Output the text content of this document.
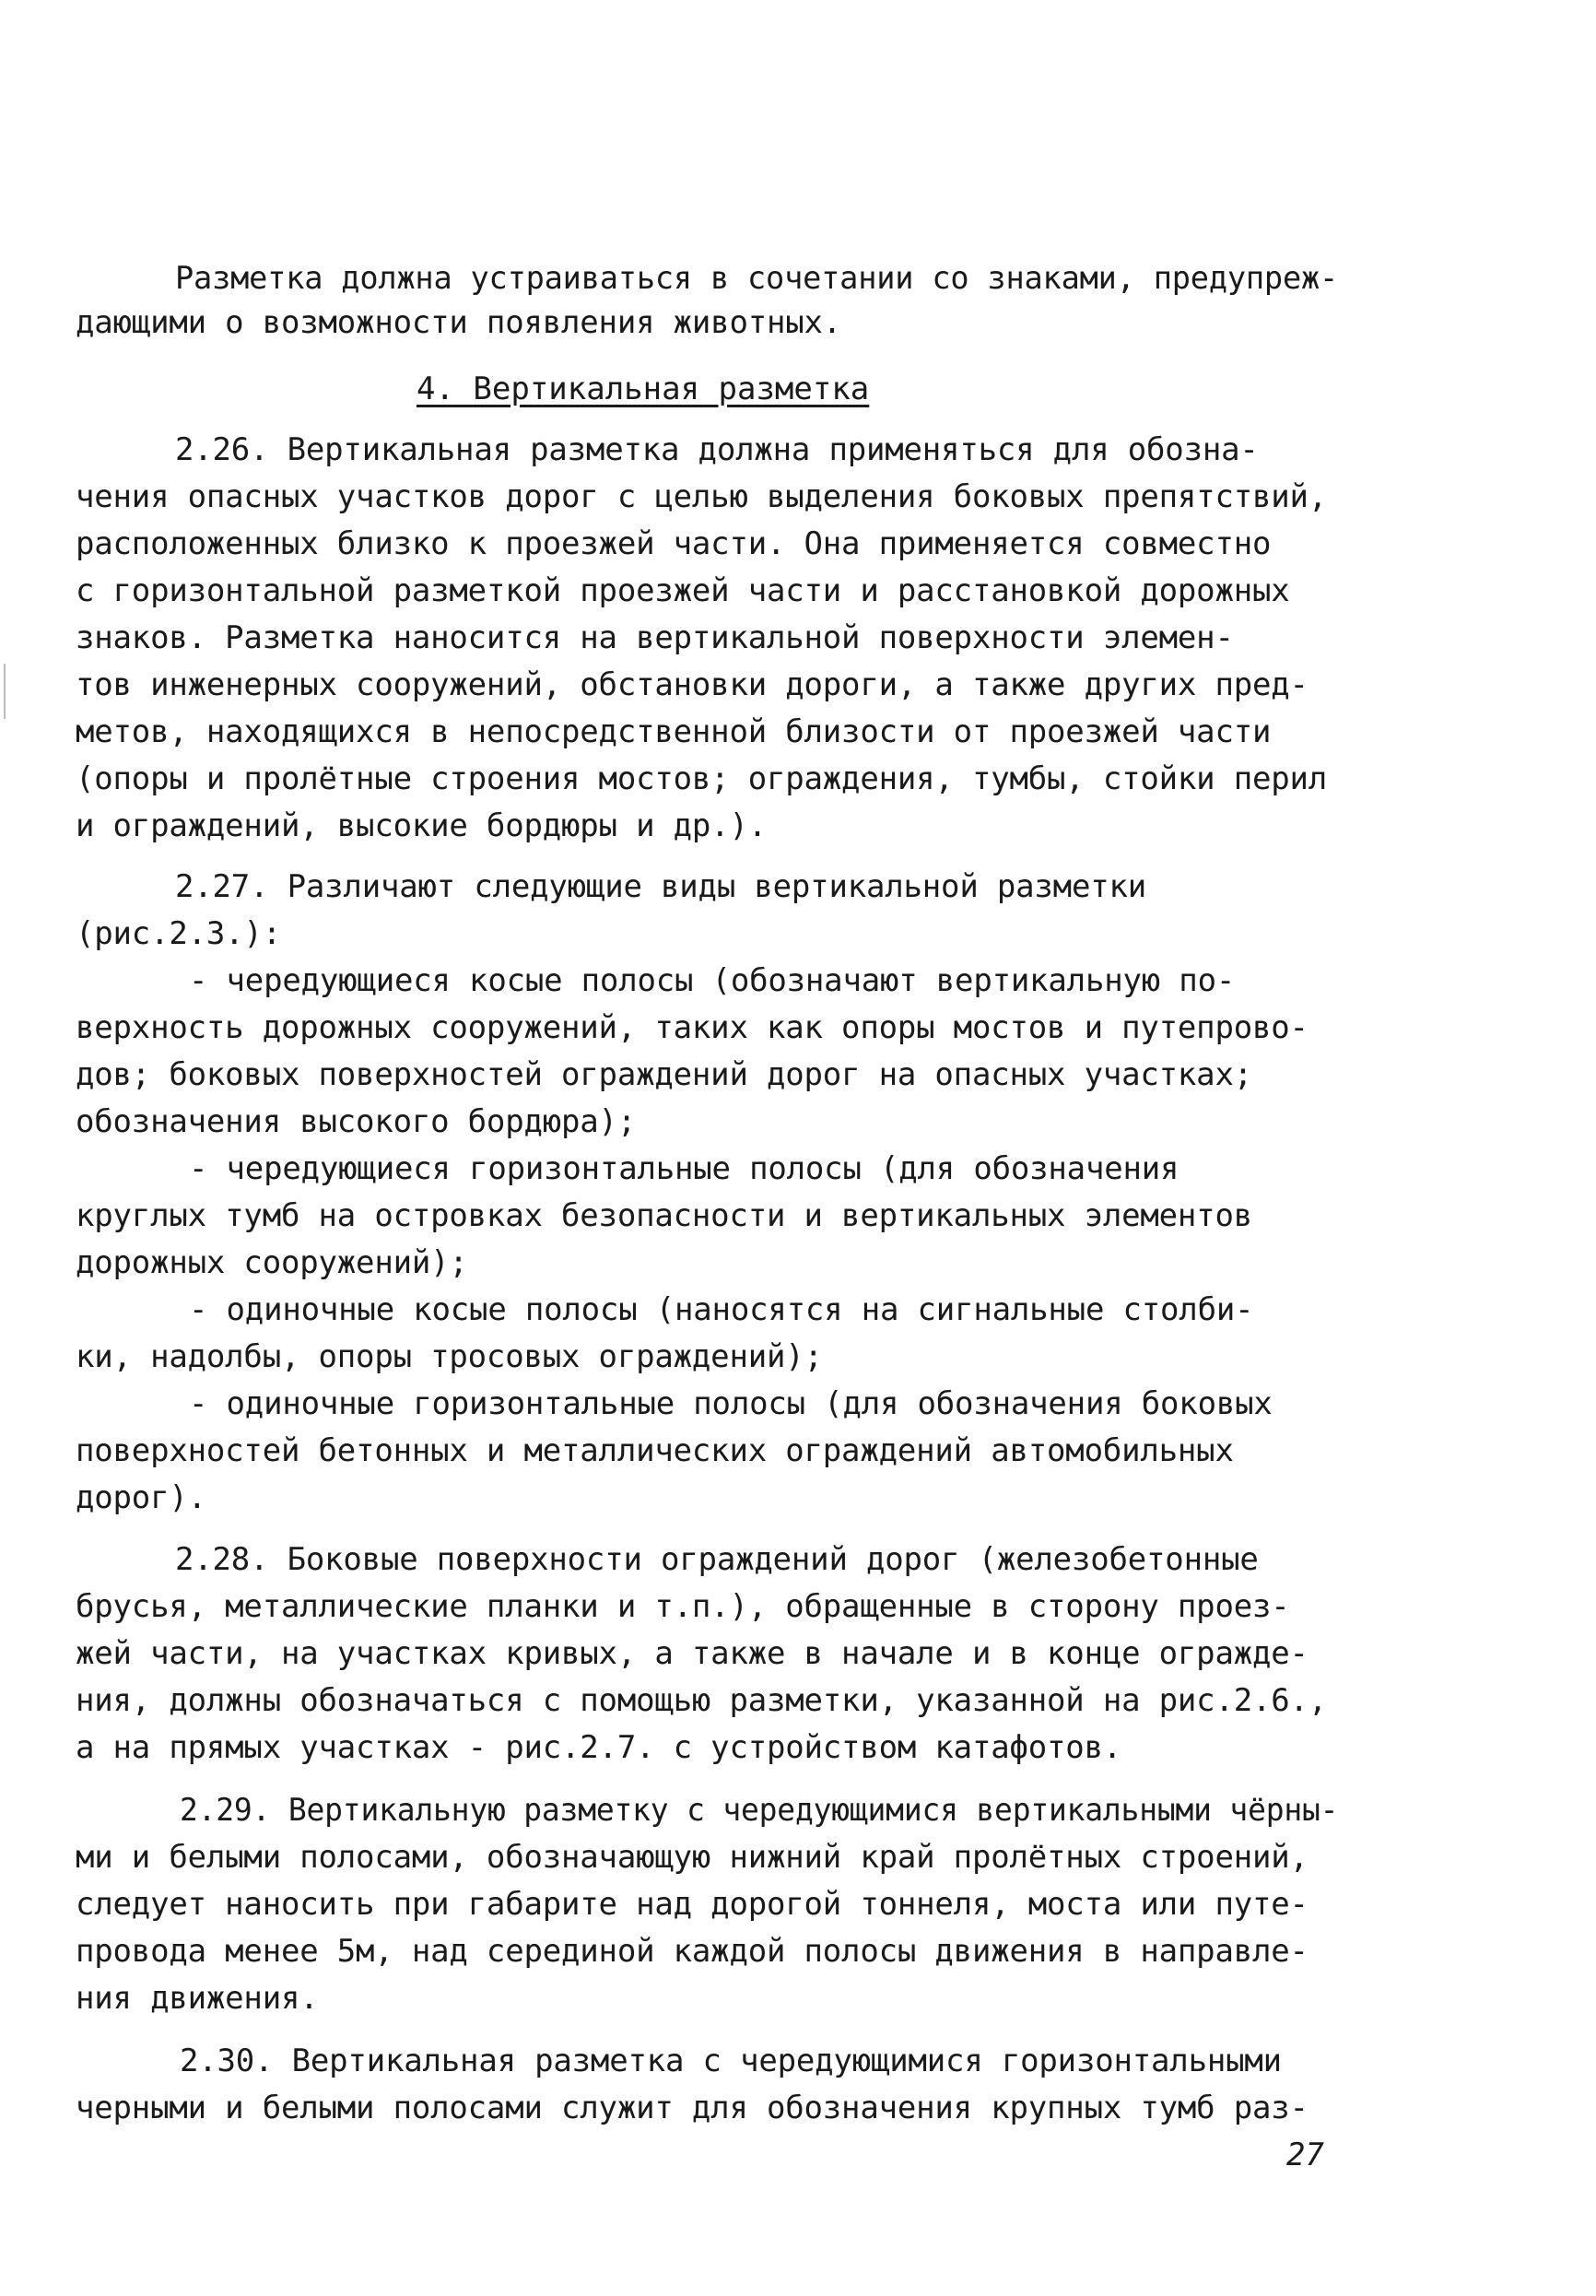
Разметка должна устраиваться в сочетании со знаками, предупреж-
дающими о возможности появления животных.
4. Вертикальная разметка
2.26. Вертикальная разметка должна применяться для обозна-
чения опасных участков дорог с целью выделения боковых препятствий,
расположенных близко к проезжей части. Она применяется совместно
с горизонтальной разметкой проезжей части и расстановкой дорожных
знаков. Разметка наносится на вертикальной поверхности элемен-
тов инженерных сооружений, обстановки дороги, а также других пред-
метов, находящихся в непосредственной близости от проезжей части
(опоры и пролётные строения мостов; ограждения, тумбы, стойки перил
и ограждений, высокие бордюры и др.).
2.27. Различают следующие виды вертикальной разметки
(рис.2.3.):
- чередующиеся косые полосы (обозначают вертикальную по-
верхность дорожных сооружений, таких как опоры мостов и путепрово-
дов; боковых поверхностей ограждений дорог на опасных участках;
обозначения высокого бордюра);
- чередующиеся горизонтальные полосы (для обозначения
круглых тумб на островках безопасности и вертикальных элементов
дорожных сооружений);
- одиночные косые полосы (наносятся на сигнальные столби-
ки, надолбы, опоры тросовых ограждений);
- одиночные горизонтальные полосы (для обозначения боковых
поверхностей бетонных и металлических ограждений автомобильных
дорог).
2.28. Боковые поверхности ограждений дорог (железобетонные
брусья, металлические планки и т.п.), обращенные в сторону проез-
жей части, на участках кривых, а также в начале и в конце огражде-
ния, должны обозначаться с помощью разметки, указанной на рис.2.6.,
а на прямых участках - рис.2.7. с устройством катафотов.
2.29. Вертикальную разметку с чередующимися вертикальными чёрны-
ми и белыми полосами, обозначающую нижний край пролётных строений,
следует наносить при габарите над дорогой тоннеля, моста или путе-
провода менее 5м, над серединой каждой полосы движения в направле-
ния движения.
2.30. Вертикальная разметка с чередующимися горизонтальными
черными и белыми полосами служит для обозначения крупных тумб раз-
27
